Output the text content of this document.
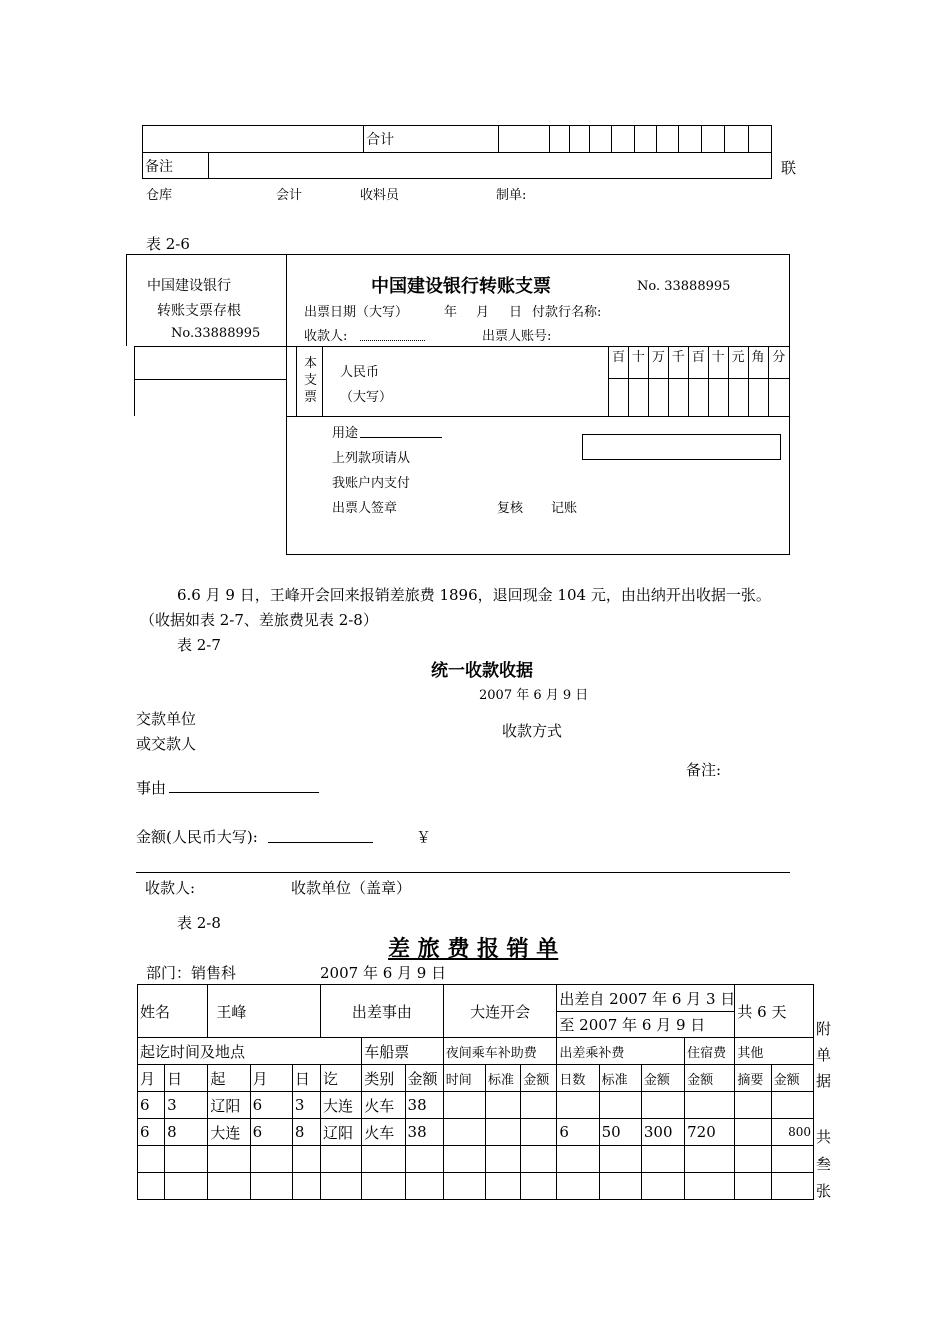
	合计											
备注		联
仓库	会计	收料员	制单:
表 2-6
中国建设银行
转账支票存根
No.33888995
中国建设银行转账支票	No. 33888995
出票日期（大写）	年 月 日 付款行名称:
收款人:	出票人账号:
本
支
票
人民币
（大写）
百	十	万	千	百	十	元	角	分

用途
上列款项请从
我账户内支付
出票人签章	复核 记账
6.6 月 9 日，王峰开会回来报销差旅费 1896，退回现金 104 元，由出纳开出收据一张。
（收据如表 2-7、差旅费见表 2-8）
表 2-7
统一收款收据
2007 年 6 月 9 日
交款单位
或交款人
收款方式
备注:
事由
金额(人民币大写):	￥
收款人:	收款单位（盖章）
表 2-8
差 旅 费 报 销 单
部门：销售科	2007 年 6 月 9 日
姓名		王峰			出差事由			大连开会			出差自 2007 年 6 月 3 日				共 6 天	
											至 2007 年 6 月 9 日					
起讫时间及地点						车船票		夜间乘车补助费			出差乘补费			住宿费	其他	
月	日	起	月	日	讫	类别	金额	时间	标准	金额	日数	标准	金额	金额	摘要	金额
6	3	辽阳	6	3	大连	火车	38									
6	8	大连	6	8	辽阳	火车	38				6	50	300	720		800

附
单
据
共
叁
张
